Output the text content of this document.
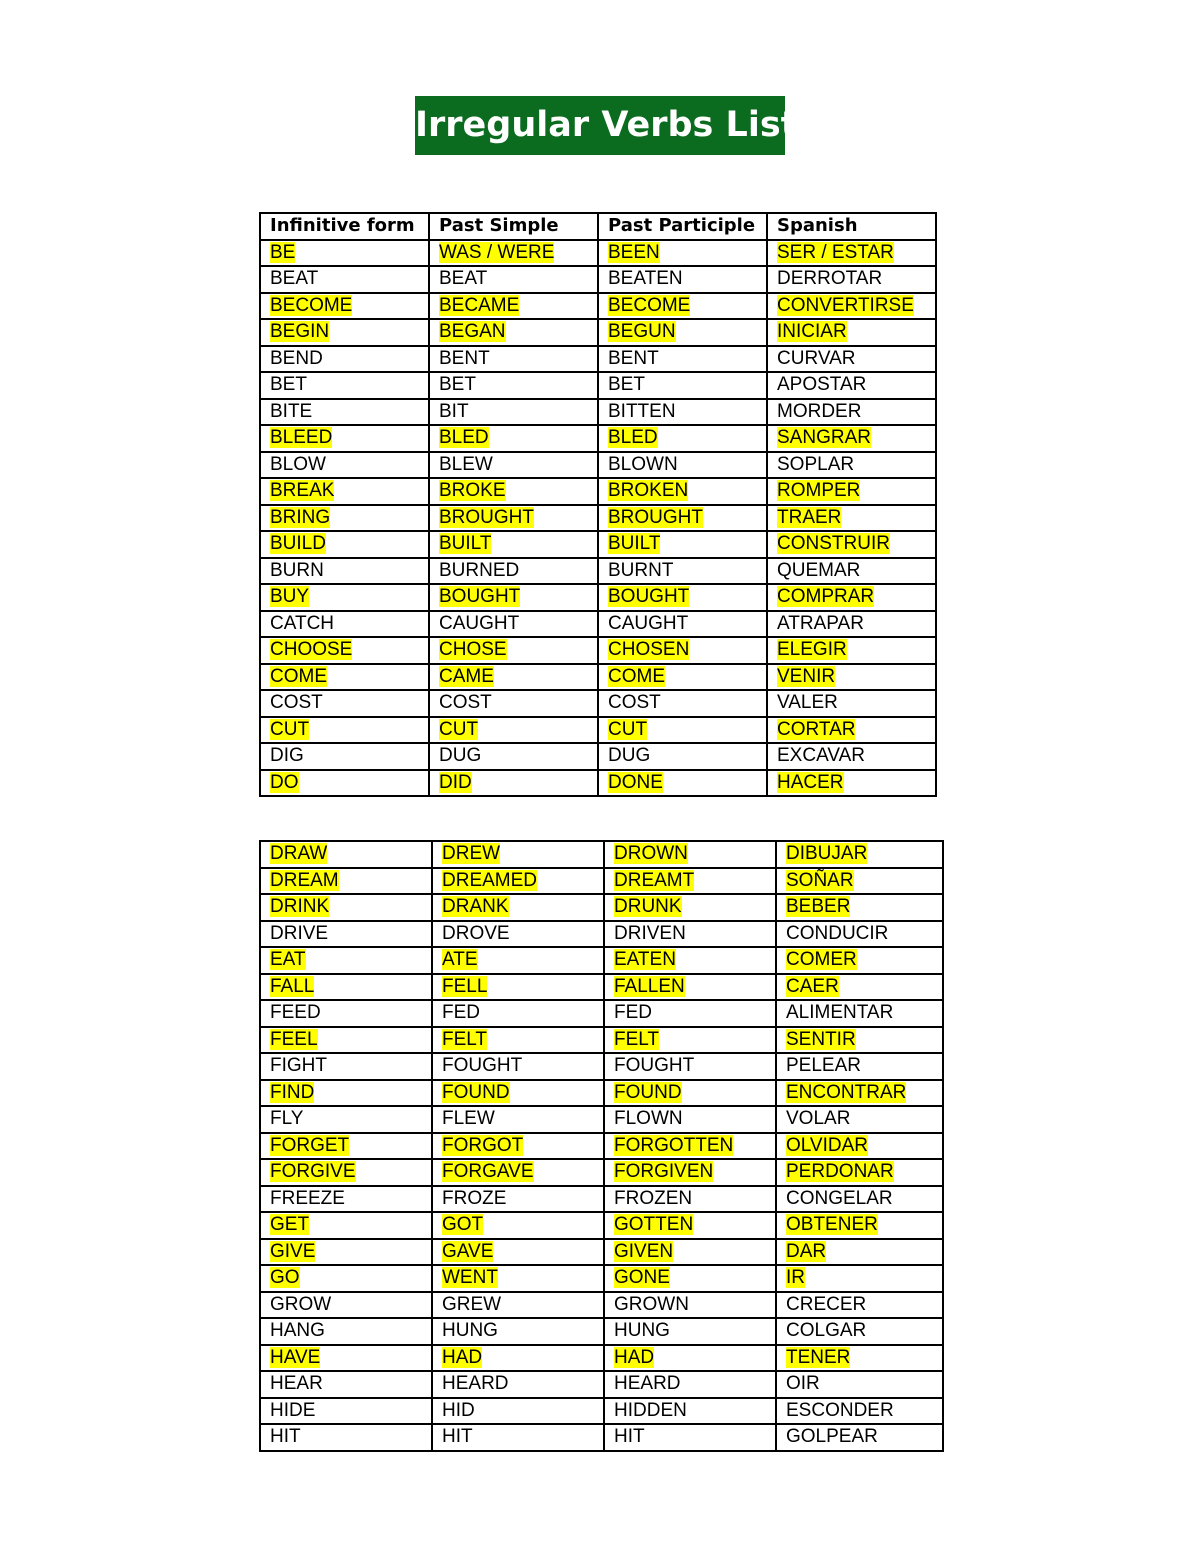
Irregular Verbs List
Infinitive form	Past Simple	Past Participle	Spanish
BE	WAS / WERE	BEEN	SER / ESTAR
BEAT	BEAT	BEATEN	DERROTAR
BECOME	BECAME	BECOME	CONVERTIRSE
BEGIN	BEGAN	BEGUN	INICIAR
BEND	BENT	BENT	CURVAR
BET	BET	BET	APOSTAR
BITE	BIT	BITTEN	MORDER
BLEED	BLED	BLED	SANGRAR
BLOW	BLEW	BLOWN	SOPLAR
BREAK	BROKE	BROKEN	ROMPER
BRING	BROUGHT	BROUGHT	TRAER
BUILD	BUILT	BUILT	CONSTRUIR
BURN	BURNED	BURNT	QUEMAR
BUY	BOUGHT	BOUGHT	COMPRAR
CATCH	CAUGHT	CAUGHT	ATRAPAR
CHOOSE	CHOSE	CHOSEN	ELEGIR
COME	CAME	COME	VENIR
COST	COST	COST	VALER
CUT	CUT	CUT	CORTAR
DIG	DUG	DUG	EXCAVAR
DO	DID	DONE	HACER
DRAW	DREW	DROWN	DIBUJAR
DREAM	DREAMED	DREAMT	SOÑAR
DRINK	DRANK	DRUNK	BEBER
DRIVE	DROVE	DRIVEN	CONDUCIR
EAT	ATE	EATEN	COMER
FALL	FELL	FALLEN	CAER
FEED	FED	FED	ALIMENTAR
FEEL	FELT	FELT	SENTIR
FIGHT	FOUGHT	FOUGHT	PELEAR
FIND	FOUND	FOUND	ENCONTRAR
FLY	FLEW	FLOWN	VOLAR
FORGET	FORGOT	FORGOTTEN	OLVIDAR
FORGIVE	FORGAVE	FORGIVEN	PERDONAR
FREEZE	FROZE	FROZEN	CONGELAR
GET	GOT	GOTTEN	OBTENER
GIVE	GAVE	GIVEN	DAR
GO	WENT	GONE	IR
GROW	GREW	GROWN	CRECER
HANG	HUNG	HUNG	COLGAR
HAVE	HAD	HAD	TENER
HEAR	HEARD	HEARD	OIR
HIDE	HID	HIDDEN	ESCONDER
HIT	HIT	HIT	GOLPEAR
